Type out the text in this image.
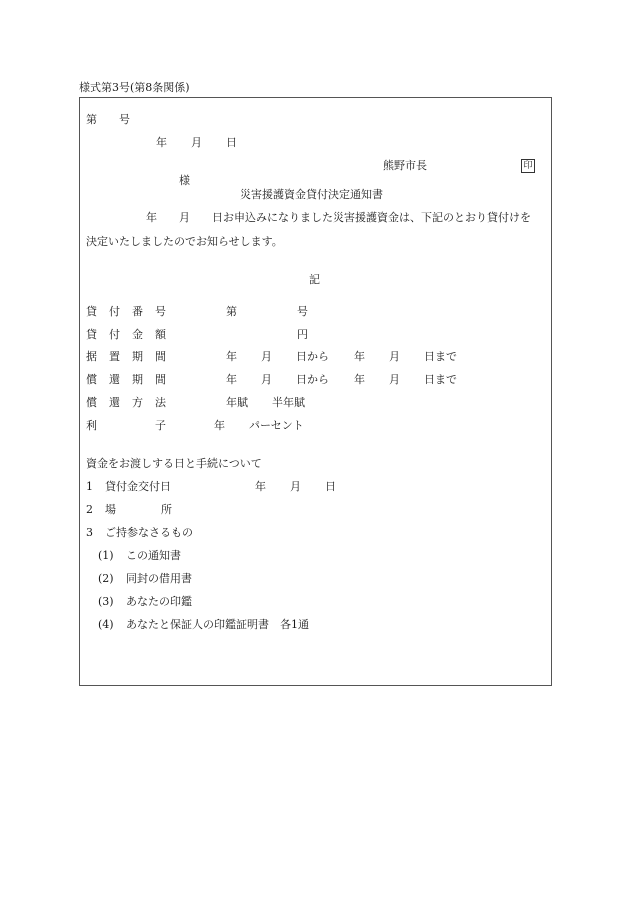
様式第3号(第8条関係)
第 号
年 月 日
熊野市長	印
様
災害援護資金貸付決定通知書
年 月 日お申込みになりました災害援護資金は、下記のとおり貸付けを
決定いたしましたのでお知らせします。
記
貸 付 番 号	第	号
貸 付 金 額	円
据 置 期 間	年 月 日から 年 月 日まで
償 還 期 間	年 月 日から 年 月 日まで
償 還 方 法	年賦 半年賦
利	子	年 パーセント
資金をお渡しする日と手続について
1 貸付金交付日	年 月 日
2 場	所
3 ご持参なさるもの
(1) この通知書
(2) 同封の借用書
(3) あなたの印鑑
(4) あなたと保証人の印鑑証明書　各1通
